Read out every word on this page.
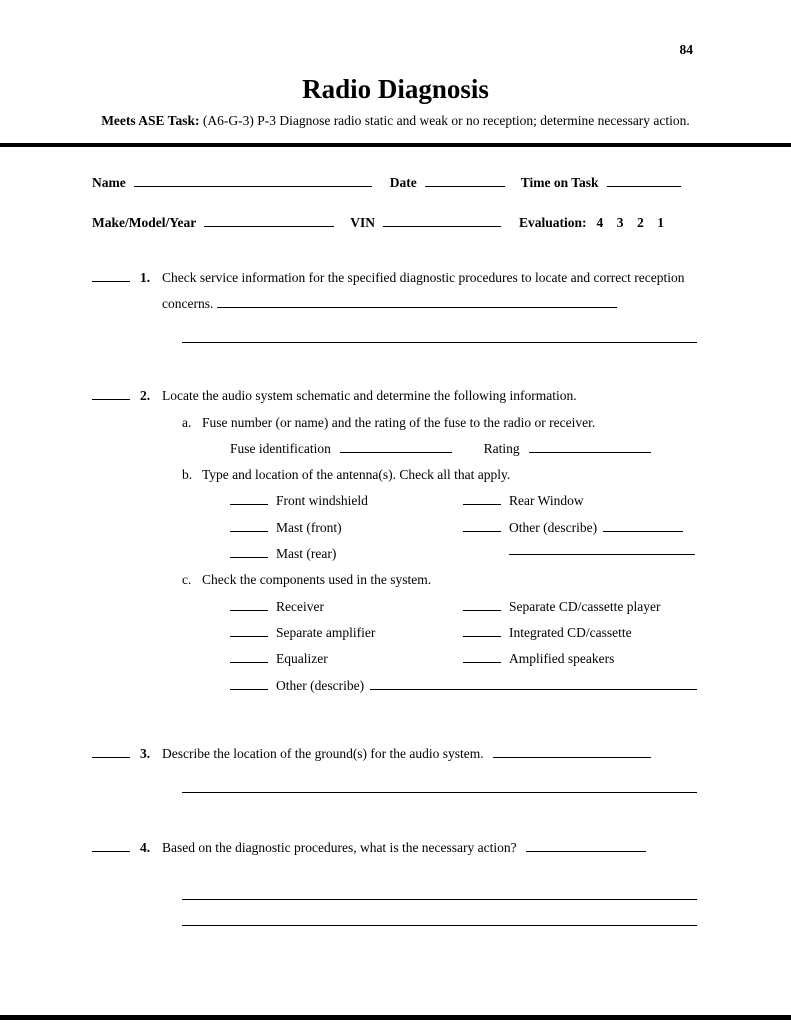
84
Radio Diagnosis
Meets ASE Task: (A6-G-3) P-3 Diagnose radio static and weak or no reception; determine necessary action.
Name	Date	Time on Task
Make/Model/Year	VIN	Evaluation: 4    3    2    1
1. Check service information for the specified diagnostic procedures to locate and correct reception concerns.
2. Locate the audio system schematic and determine the following information.
a. Fuse number (or name) and the rating of the fuse to the radio or receiver.
Fuse identification	Rating
b. Type and location of the antenna(s). Check all that apply.
Front windshield	Rear Window
Mast (front)	Other (describe)
Mast (rear)
c. Check the components used in the system.
Receiver	Separate CD/cassette player
Separate amplifier	Integrated CD/cassette
Equalizer	Amplified speakers
Other (describe)
3. Describe the location of the ground(s) for the audio system.
4. Based on the diagnostic procedures, what is the necessary action?
